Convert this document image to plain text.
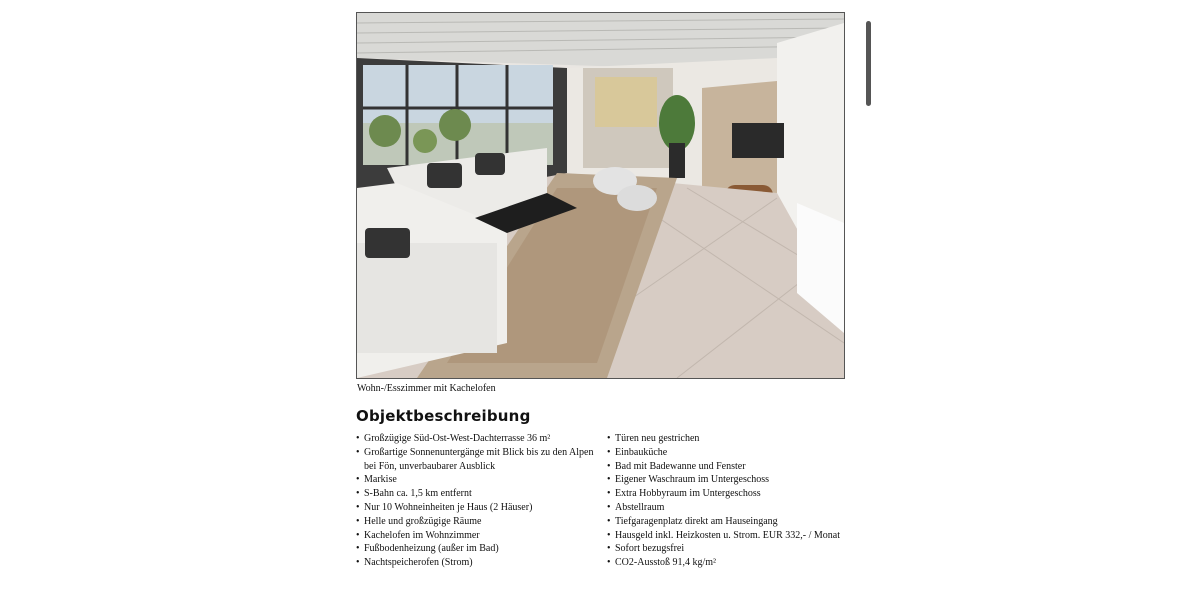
Wohn-/Esszimmer mit Kachelofen
Objektbeschreibung
• Großzügige Süd-Ost-West-Dachterrasse 36 m²
• Großartige Sonnenuntergänge mit Blick bis zu den Alpen bei Fön, unverbaubarer Ausblick
• Markise
• S-Bahn ca. 1,5 km entfernt
• Nur 10 Wohneinheiten je Haus (2 Häuser)
• Helle und großzügige Räume
• Kachelofen im Wohnzimmer
• Fußbodenheizung (außer im Bad)
• Nachtspeicherofen (Strom)
• Türen neu gestrichen
• Einbauküche
• Bad mit Badewanne und Fenster
• Eigener Waschraum im Untergeschoss
• Extra Hobbyraum im Untergeschoss
• Abstellraum
• Tiefgaragenplatz direkt am Hauseingang
• Hausgeld inkl. Heizkosten u. Strom. EUR 332,- / Monat
• Sofort bezugsfrei
• CO2-Ausstoß 91,4 kg/m²
